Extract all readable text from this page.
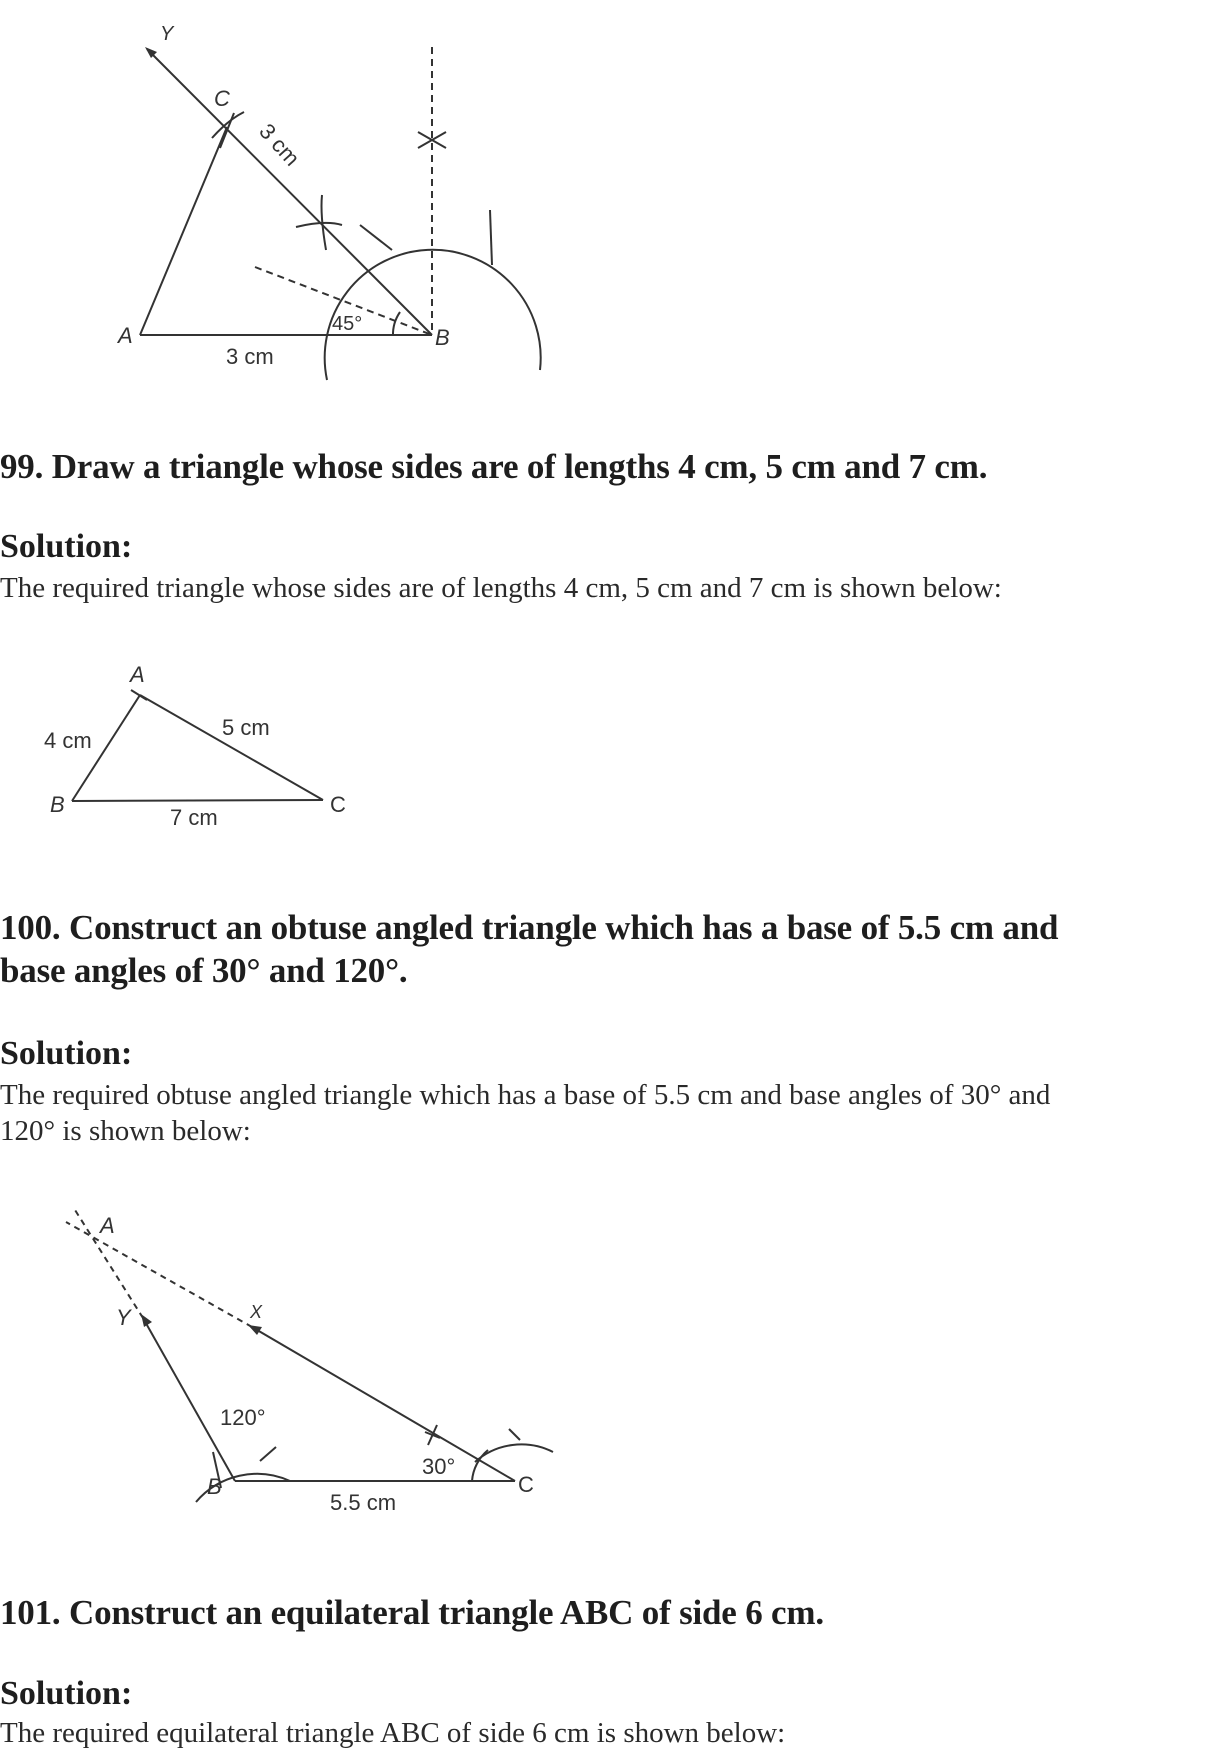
Y
C
A	B
3 cm
3 cm
45°
99. Draw a triangle whose sides are of lengths 4 cm, 5 cm and 7 cm.
Solution:
The required triangle whose sides are of lengths 4 cm, 5 cm and 7 cm is shown below:
A
B	C
4 cm
5 cm
7 cm
100. Construct an obtuse angled triangle which has a base of 5.5 cm and
base angles of 30° and 120°.
Solution:
The required obtuse angled triangle which has a base of 5.5 cm and base angles of 30° and
120° is shown below:
A
Y	X
B	C
120°
30°
5.5 cm
101. Construct an equilateral triangle ABC of side 6 cm.
Solution:
The required equilateral triangle ABC of side 6 cm is shown below:
